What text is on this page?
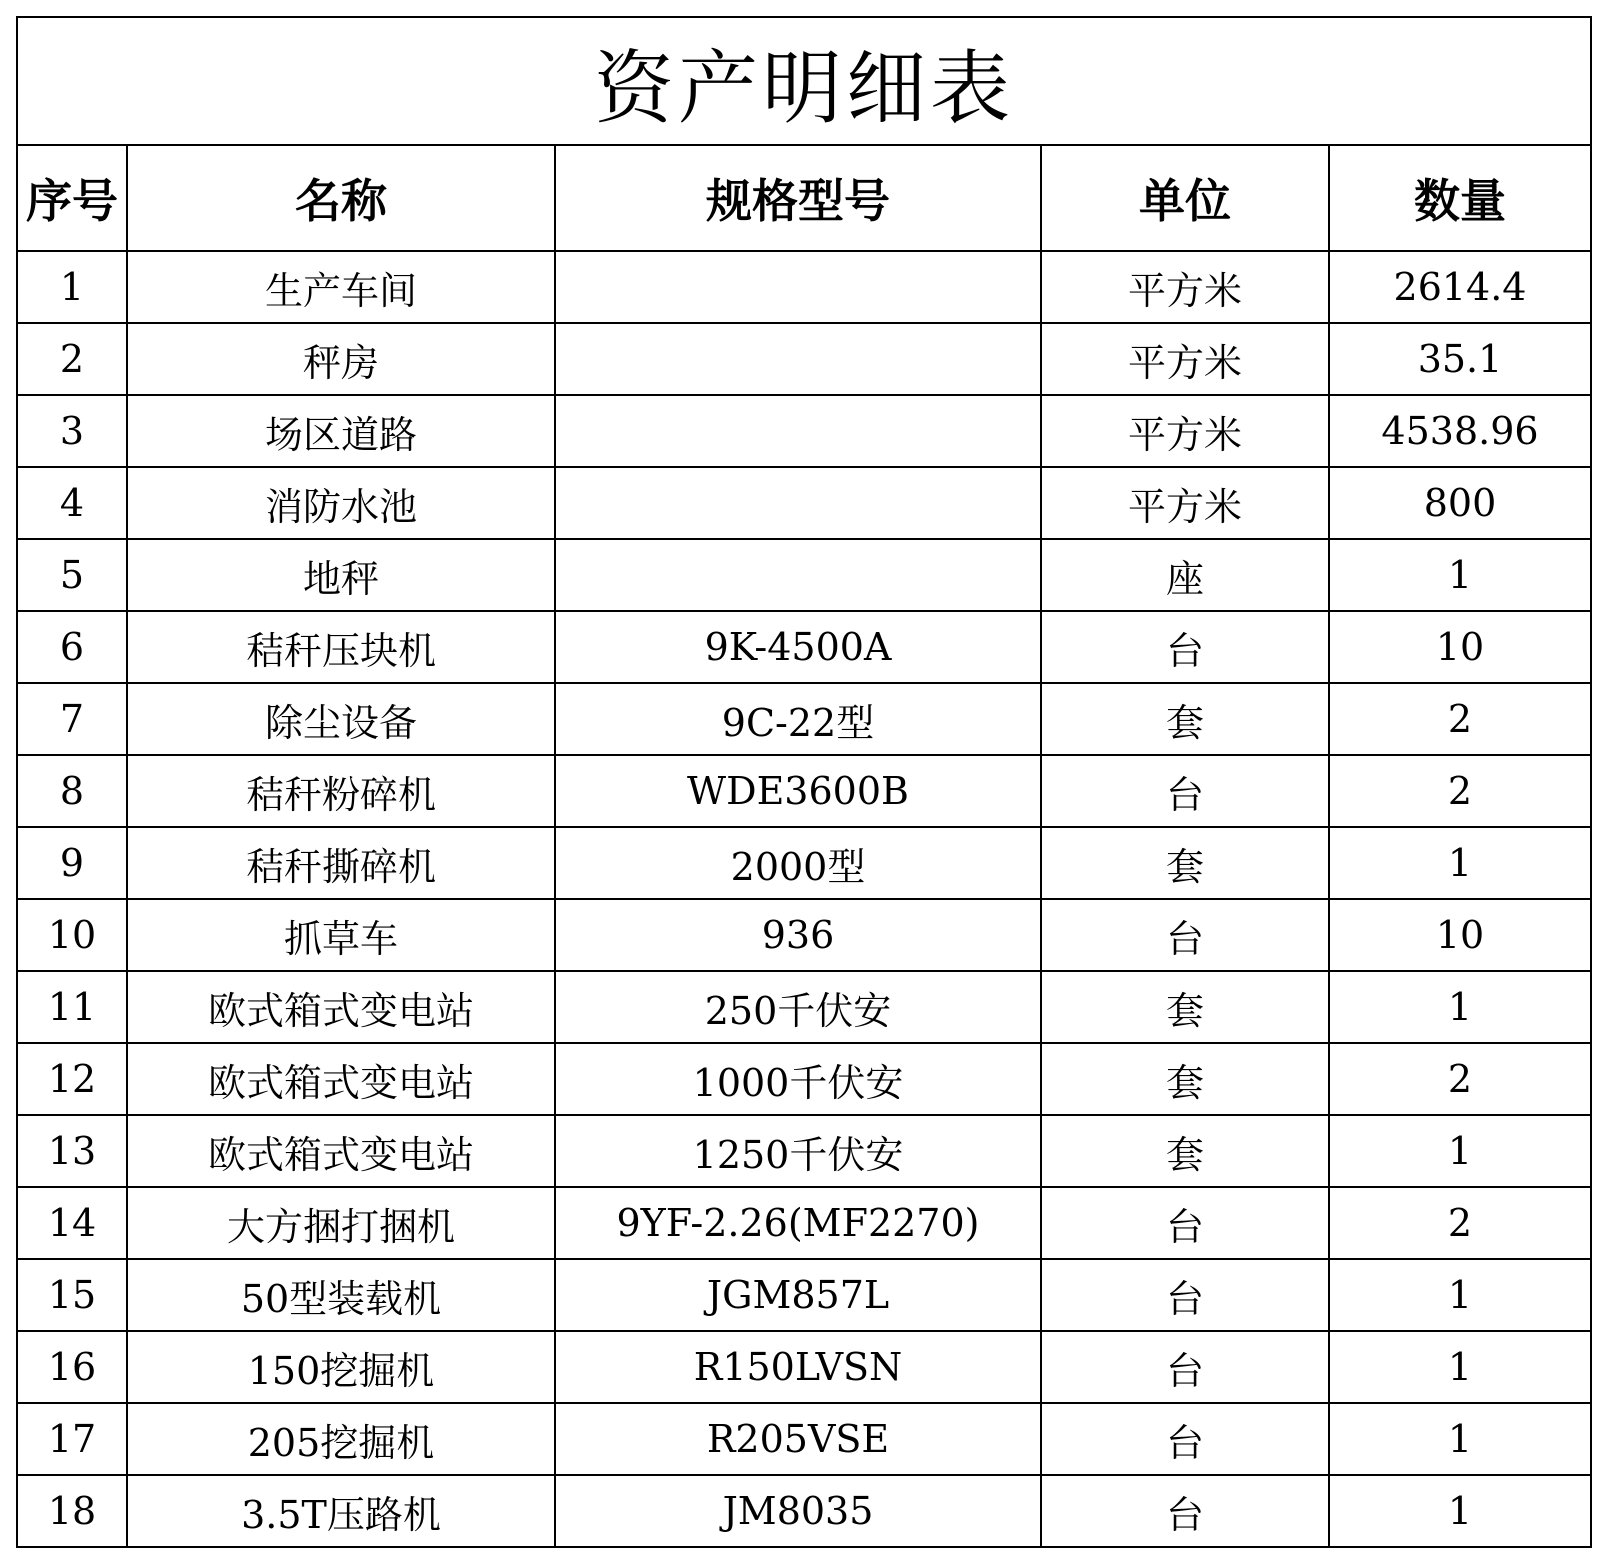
资产明细表
序号	名称	规格型号	单位	数量
1	生产车间		平方米	2614.4
2	秤房		平方米	35.1
3	场区道路		平方米	4538.96
4	消防水池		平方米	800
5	地秤		座	1
6	秸秆压块机	9K-4500A	台	10
7	除尘设备	9C-22型	套	2
8	秸秆粉碎机	WDE3600B	台	2
9	秸秆撕碎机	2000型	套	1
10	抓草车	936	台	10
11	欧式箱式变电站	250千伏安	套	1
12	欧式箱式变电站	1000千伏安	套	2
13	欧式箱式变电站	1250千伏安	套	1
14	大方捆打捆机	9YF-2.26(MF2270)	台	2
15	50型装载机	JGM857L	台	1
16	150挖掘机	R150LVSN	台	1
17	205挖掘机	R205VSE	台	1
18	3.5T压路机	JM8035	台	1
